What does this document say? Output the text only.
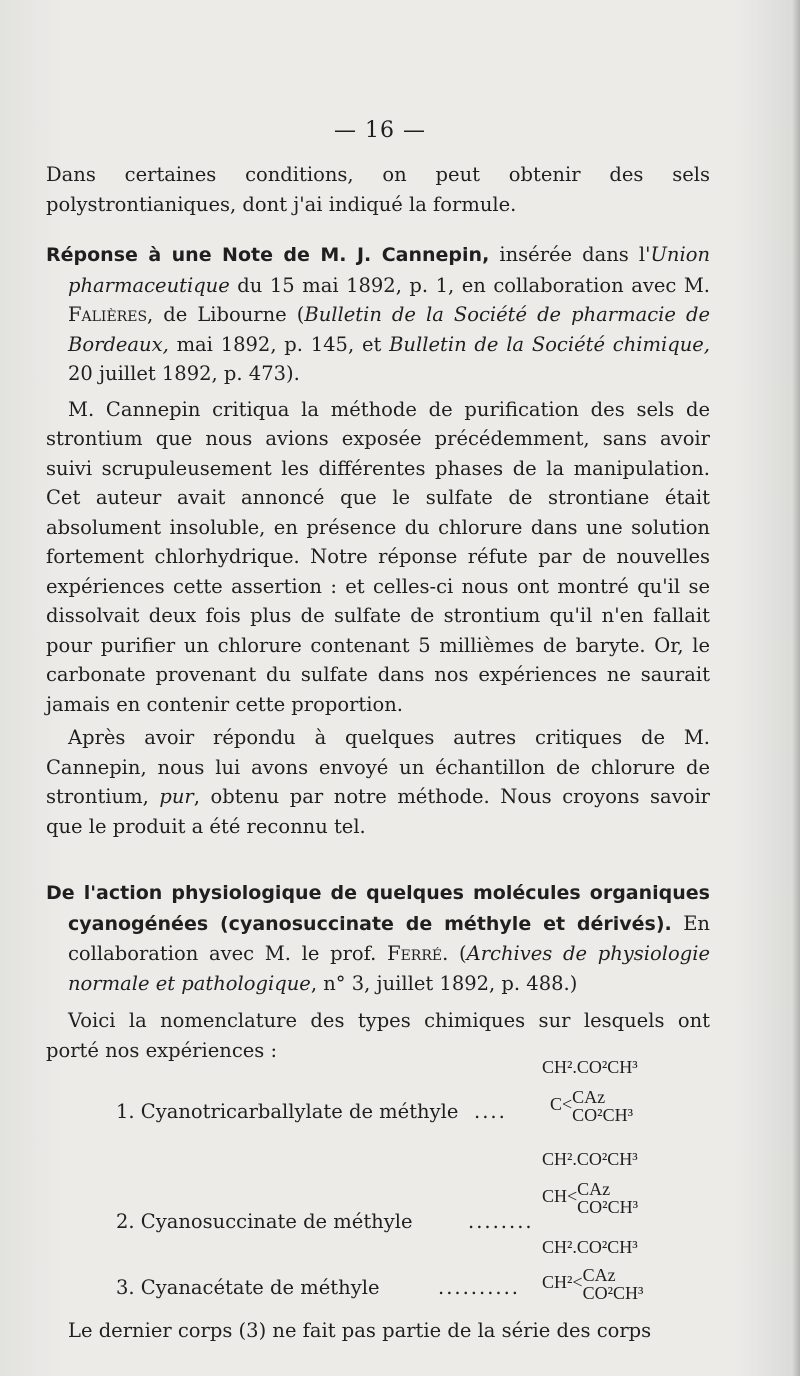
— 16 —

Dans certaines conditions, on peut obtenir des sels polystrontianiques, dont j'ai indiqué la formule.

Réponse à une Note de M. J. Cannepin, insérée dans l'Union pharmaceutique du 15 mai 1892, p. 1, en collaboration avec M. Falières, de Libourne (Bulletin de la Société de pharmacie de Bordeaux, mai 1892, p. 145, et Bulletin de la Société chimique, 20 juillet 1892, p. 473).

M. Cannepin critiqua la méthode de purification des sels de strontium que nous avions exposée précédemment, sans avoir suivi scrupuleusement les différentes phases de la manipulation. Cet auteur avait annoncé que le sulfate de strontiane était absolument insoluble, en présence du chlorure dans une solution fortement chlorhydrique. Notre réponse réfute par de nouvelles expériences cette assertion : et celles-ci nous ont montré qu'il se dissolvait deux fois plus de sulfate de strontium qu'il n'en fallait pour purifier un chlorure contenant 5 millièmes de baryte. Or, le carbonate provenant du sulfate dans nos expériences ne saurait jamais en contenir cette proportion.

Après avoir répondu à quelques autres critiques de M. Cannepin, nous lui avons envoyé un échantillon de chlorure de strontium, pur, obtenu par notre méthode. Nous croyons savoir que le produit a été reconnu tel.

De l'action physiologique de quelques molécules organiques cyanogénées (cyanosuccinate de méthyle et dérivés). En collaboration avec M. le prof. Ferré. (Archives de physiologie normale et pathologique, n° 3, juillet 1892, p. 488.)

Voici la nomenclature des types chimiques sur lesquels ont porté nos expériences :

CH².CO²CH³
1. Cyanotricarballylate de méthyle .... C< CAz
CO²CH³
CH².CO²CH³
CH< CAz
CO²CH³
2. Cyanosuccinate de méthyle	........
CH².CO²CH³
3. Cyanacétate de méthyle	.......... CH²< CAz
CO²CH³

Le dernier corps (3) ne fait pas partie de la série des corps
